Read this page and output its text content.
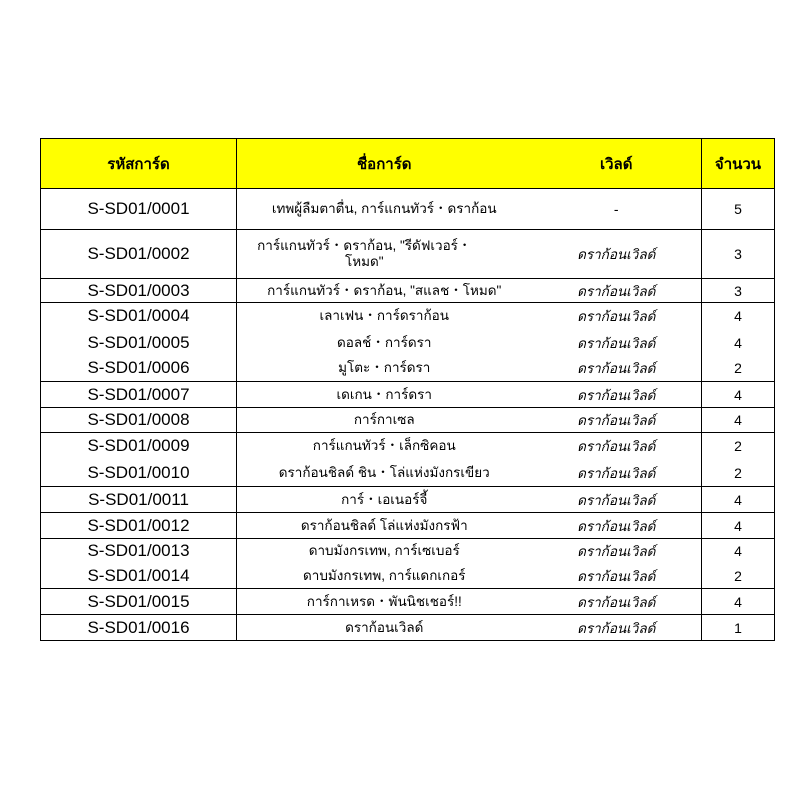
รหัสการ์ด	ชื่อการ์ด	เวิลด์	จำนวน
S-SD01/0001	เทพผู้ลืมตาตื่น, การ์แกนทัวร์・ดราก้อน	-	5
S-SD01/0002	การ์แกนทัวร์・ดราก้อน, "รีดัฟเวอร์・โหมด"	ดราก้อนเวิลด์	3
S-SD01/0003	การ์แกนทัวร์・ดราก้อน, "สแลช・โหมด"	ดราก้อนเวิลด์	3
S-SD01/0004	เลาเฟน・การ์ดราก้อน	ดราก้อนเวิลด์	4
S-SD01/0005	ดอลช์・การ์ดรา	ดราก้อนเวิลด์	4
S-SD01/0006	มูโตะ・การ์ดรา	ดราก้อนเวิลด์	2
S-SD01/0007	เดเกน・การ์ดรา	ดราก้อนเวิลด์	4
S-SD01/0008	การ์กาเซล	ดราก้อนเวิลด์	4
S-SD01/0009	การ์แกนทัวร์・เล็กซิคอน	ดราก้อนเวิลด์	2
S-SD01/0010	ดราก้อนชิลด์ ชิน・โล่แห่งมังกรเขียว	ดราก้อนเวิลด์	2
S-SD01/0011	การ์・เอเนอร์จี้	ดราก้อนเวิลด์	4
S-SD01/0012	ดราก้อนชิลด์ โล่แห่งมังกรฟ้า	ดราก้อนเวิลด์	4
S-SD01/0013	ดาบมังกรเทพ, การ์เซเบอร์	ดราก้อนเวิลด์	4
S-SD01/0014	ดาบมังกรเทพ, การ์แดกเกอร์	ดราก้อนเวิลด์	2
S-SD01/0015	การ์กาเหรด・พันนิชเชอร์!!	ดราก้อนเวิลด์	4
S-SD01/0016	ดราก้อนเวิลด์	ดราก้อนเวิลด์	1
